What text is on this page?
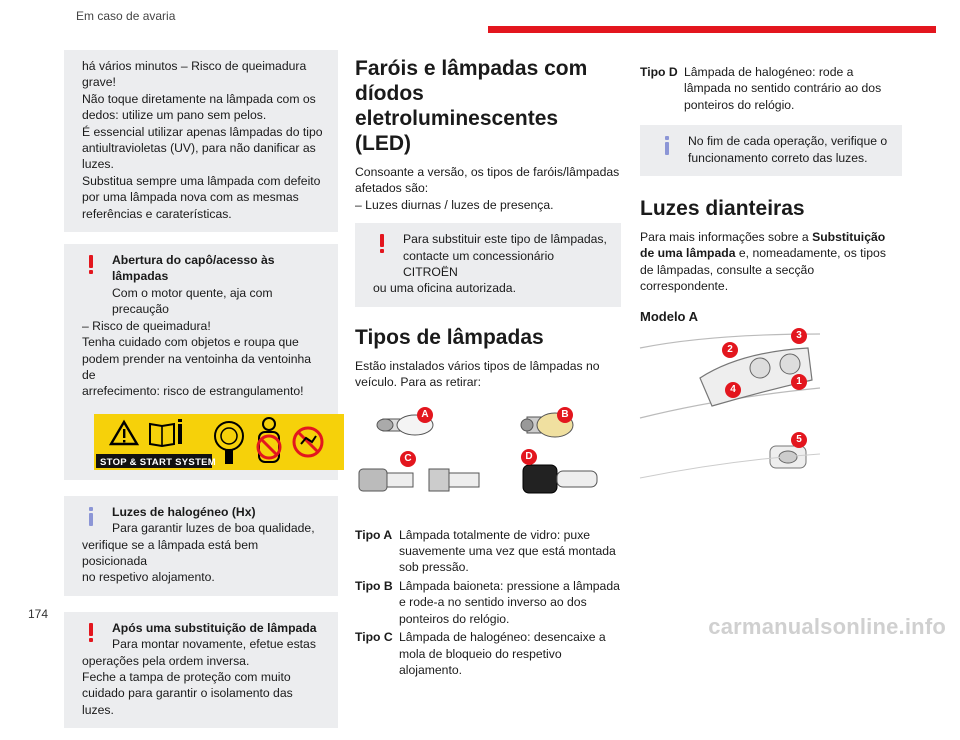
Em caso de avaria
há vários minutos – Risco de queimadura
grave!
Não toque diretamente na lâmpada com os
dedos: utilize um pano sem pelos.
É essencial utilizar apenas lâmpadas do tipo
antiultravioletas (UV), para não danificar as
luzes.
Substitua sempre uma lâmpada com defeito
por uma lâmpada nova com as mesmas
referências e caraterísticas.
Abertura do capô/acesso às lâmpadas
Com o motor quente, aja com precaução
– Risco de queimadura!
Tenha cuidado com objetos e roupa que
podem prender na ventoinha da ventoinha de
arrefecimento: risco de estrangulamento!
STOP & START SYSTEM
Luzes de halogéneo (Hx)
Para garantir luzes de boa qualidade,
verifique se a lâmpada está bem posicionada
no respetivo alojamento.
Após uma substituição de lâmpada
Para montar novamente, efetue estas
operações pela ordem inversa.
Feche a tampa de proteção com muito
cuidado para garantir o isolamento das luzes.
Faróis e lâmpadas com
díodos eletroluminescentes
(LED)
Consoante a versão, os tipos de faróis/lâmpadas
afetados são:
– Luzes diurnas / luzes de presença.
Para substituir este tipo de lâmpadas,
contacte um concessionário CITROËN
ou uma oficina autorizada.
Tipos de lâmpadas
Estão instalados vários tipos de lâmpadas no
veículo. Para as retirar:
A	B
C	D
Tipo A Lâmpada totalmente de vidro: puxe suavemente uma vez que está montada sob pressão.
Tipo B Lâmpada baioneta: pressione a lâmpada e rode-a no sentido inverso ao dos ponteiros do relógio.
Tipo C Lâmpada de halogéneo: desencaixe a mola de bloqueio do respetivo alojamento.
Tipo D Lâmpada de halogéneo: rode a lâmpada no sentido contrário ao dos ponteiros do relógio.
No fim de cada operação, verifique o
funcionamento correto das luzes.
Luzes dianteiras
Para mais informações sobre a Substituição de uma lâmpada e, nomeadamente, os tipos de lâmpadas, consulte a secção correspondente.
Modelo A
3
2
1
4
5
174	carmanualsonline.info
